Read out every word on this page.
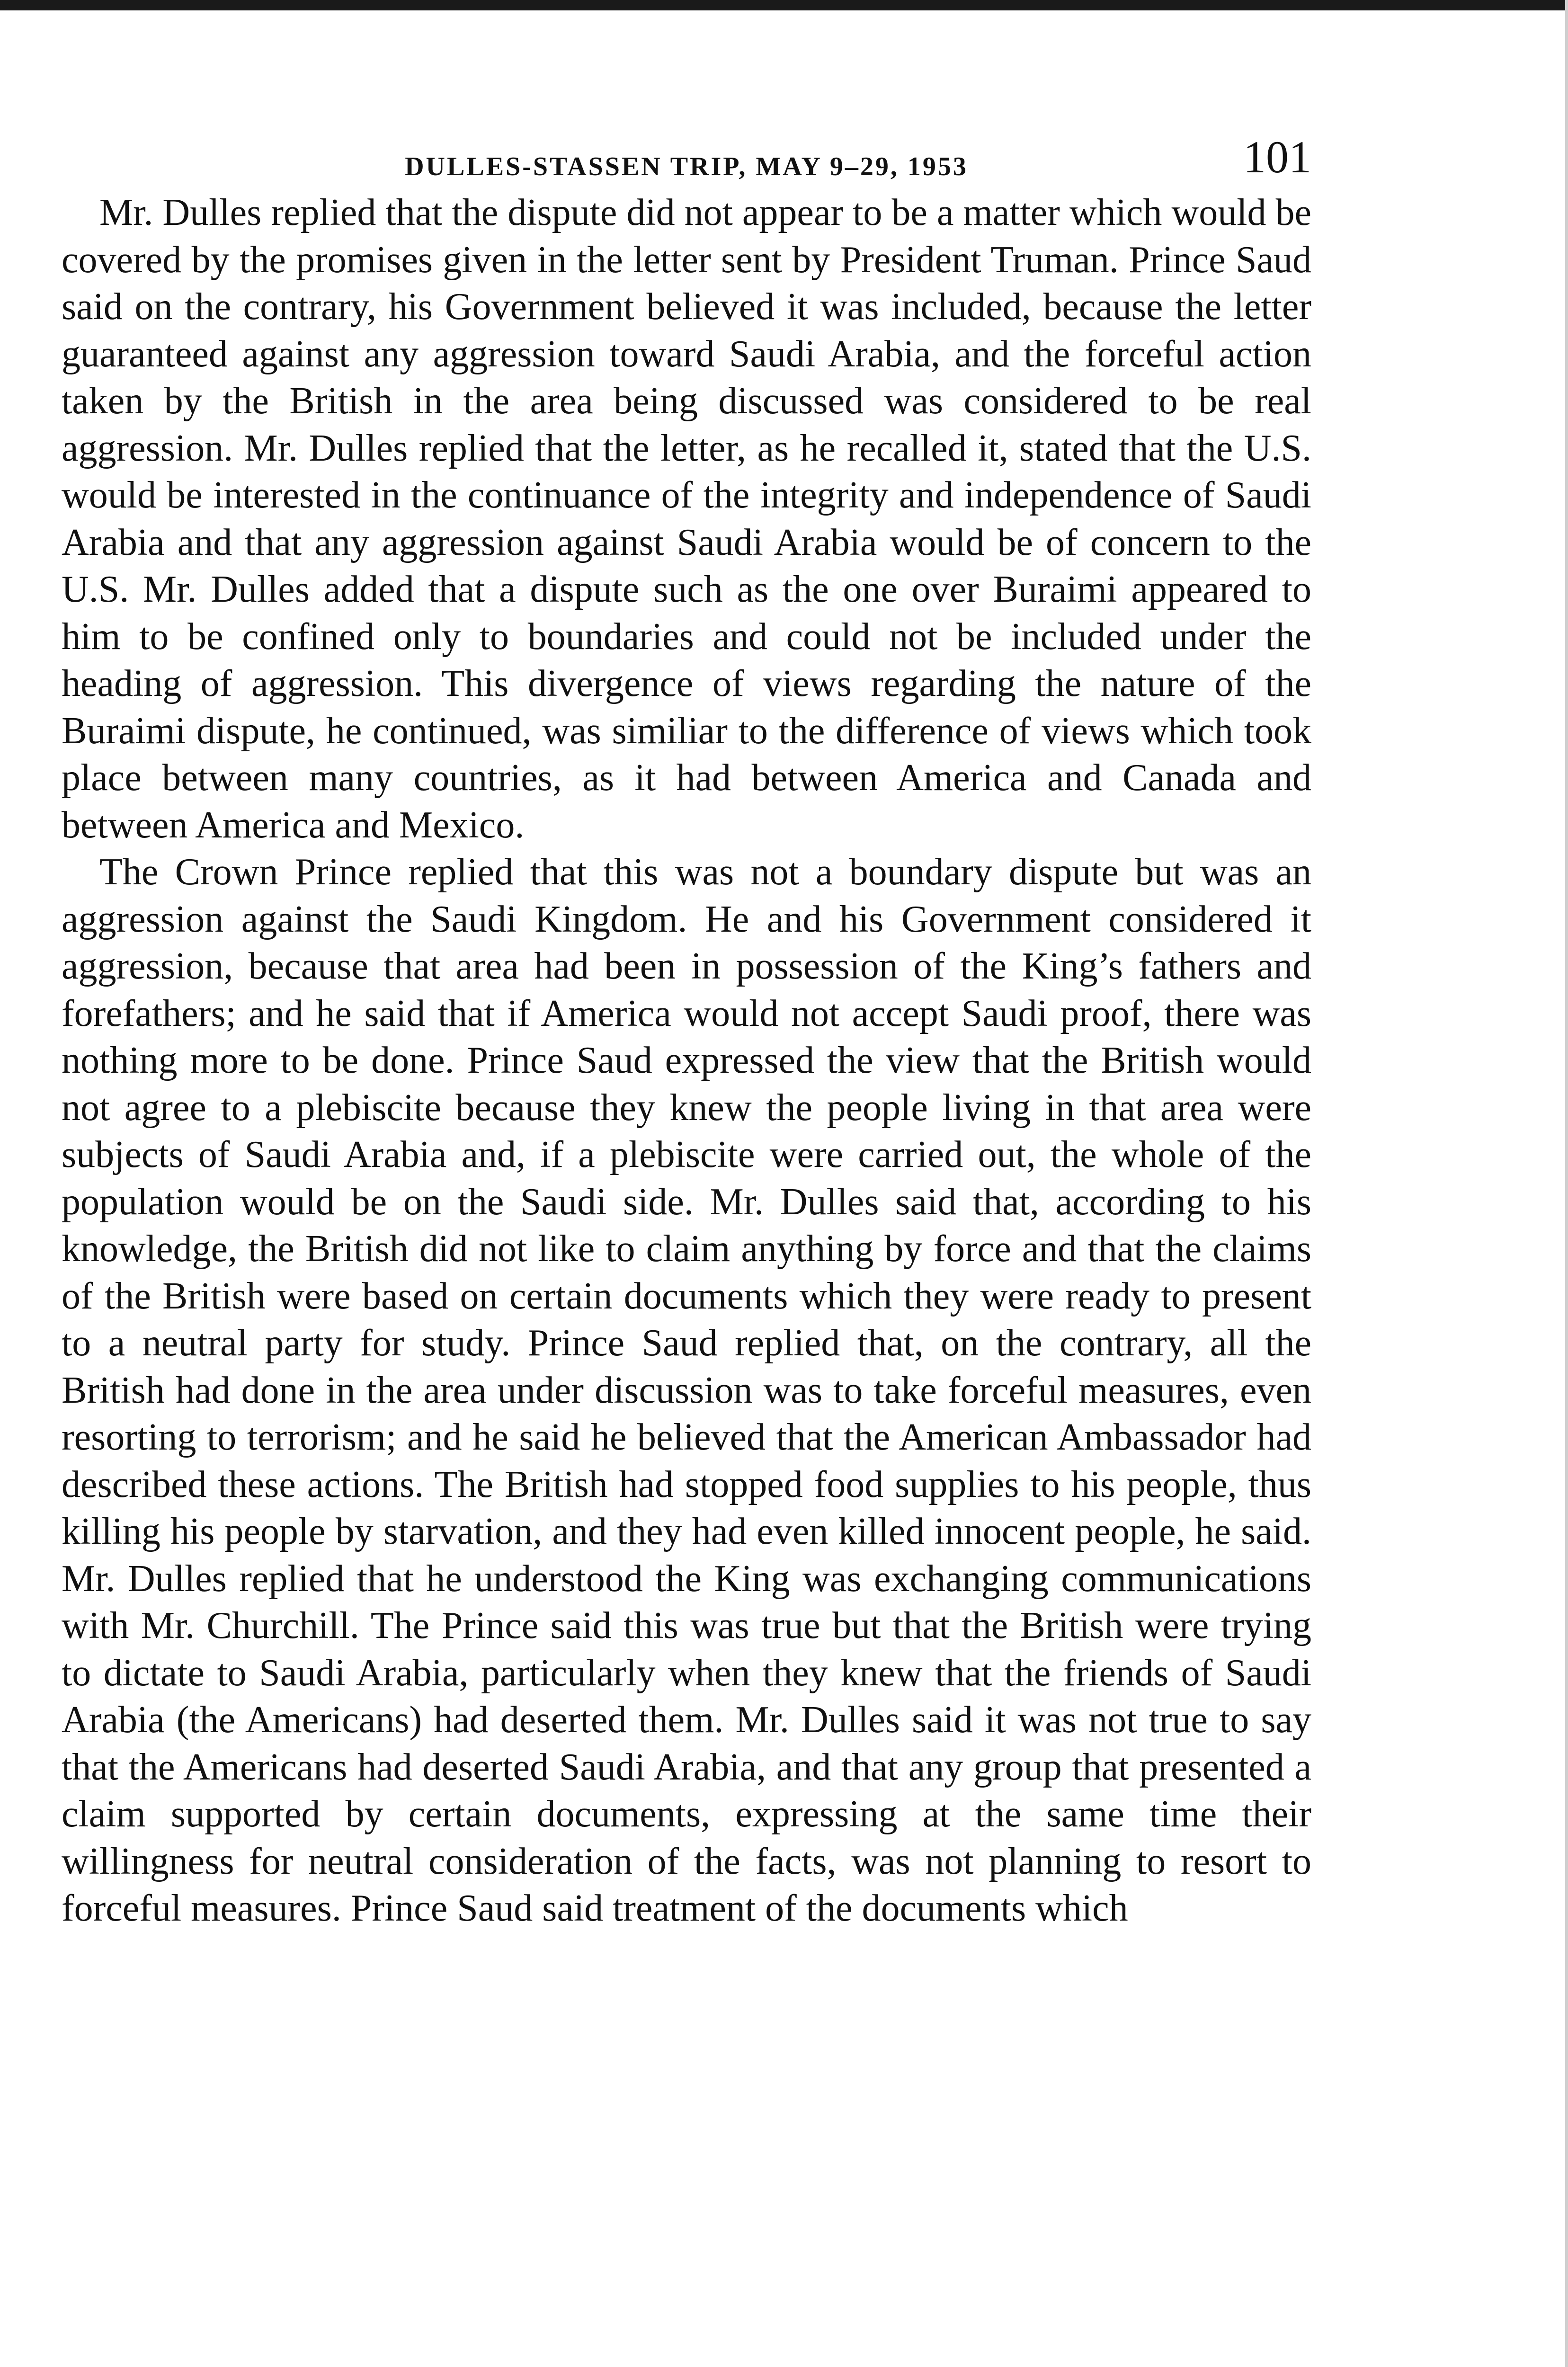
DULLES-STASSEN TRIP, MAY 9–29, 1953	101

Mr. Dulles replied that the dispute did not appear to be a matter which would be covered by the promises given in the letter sent by President Truman. Prince Saud said on the contrary, his Government believed it was included, because the letter guaranteed against any aggression toward Saudi Arabia, and the forceful action taken by the British in the area being discussed was considered to be real aggression. Mr. Dulles replied that the letter, as he recalled it, stated that the U.S. would be interested in the continuance of the integrity and independence of Saudi Arabia and that any aggression against Saudi Arabia would be of concern to the U.S. Mr. Dulles added that a dispute such as the one over Buraimi appeared to him to be confined only to boundaries and could not be included under the heading of aggression. This divergence of views regarding the nature of the Buraimi dispute, he continued, was similiar to the difference of views which took place between many countries, as it had between America and Canada and between America and Mexico.

The Crown Prince replied that this was not a boundary dispute but was an aggression against the Saudi Kingdom. He and his Government considered it aggression, because that area had been in possession of the King’s fathers and forefathers; and he said that if America would not accept Saudi proof, there was nothing more to be done. Prince Saud expressed the view that the British would not agree to a plebiscite because they knew the people living in that area were subjects of Saudi Arabia and, if a plebiscite were carried out, the whole of the population would be on the Saudi side. Mr. Dulles said that, according to his knowledge, the British did not like to claim anything by force and that the claims of the British were based on certain documents which they were ready to present to a neutral party for study. Prince Saud replied that, on the contrary, all the British had done in the area under discussion was to take forceful measures, even resorting to terrorism; and he said he believed that the American Ambassador had described these actions. The British had stopped food supplies to his people, thus killing his people by starvation, and they had even killed innocent people, he said. Mr. Dulles replied that he understood the King was exchanging communications with Mr. Churchill. The Prince said this was true but that the British were trying to dictate to Saudi Arabia, particularly when they knew that the friends of Saudi Arabia (the Americans) had deserted them. Mr. Dulles said it was not true to say that the Americans had deserted Saudi Arabia, and that any group that presented a claim supported by certain documents, expressing at the same time their willingness for neutral consideration of the facts, was not planning to resort to forceful measures. Prince Saud said treatment of the documents which
